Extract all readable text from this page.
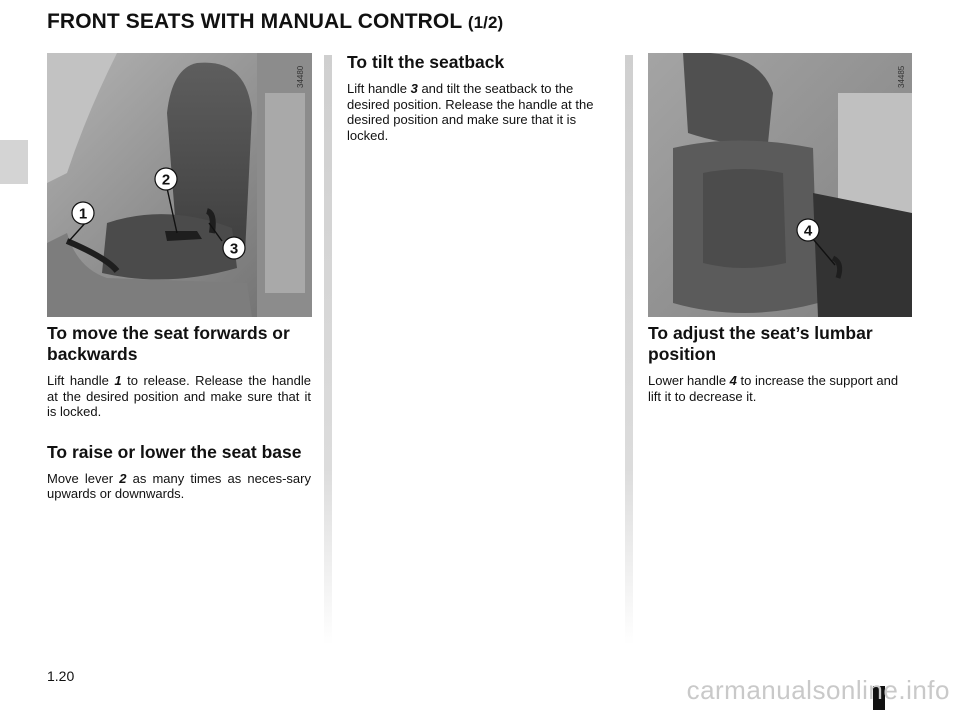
FRONT SEATS WITH MANUAL CONTROL (1/2)
1
2
3
34480
4
34485
To move the seat forwards or backwards

Lift handle 1 to release. Release the handle at the desired position and make sure that it is locked.

To raise or lower the seat base

Move lever 2 as many times as neces-sary upwards or downwards.

To tilt the seatback

Lift handle 3 and tilt the seatback to the desired position. Release the handle at the desired position and make sure that it is locked.

To adjust the seat’s lumbar position

Lower handle 4 to increase the support and lift it to decrease it.

1.20	carmanualsonline.info
